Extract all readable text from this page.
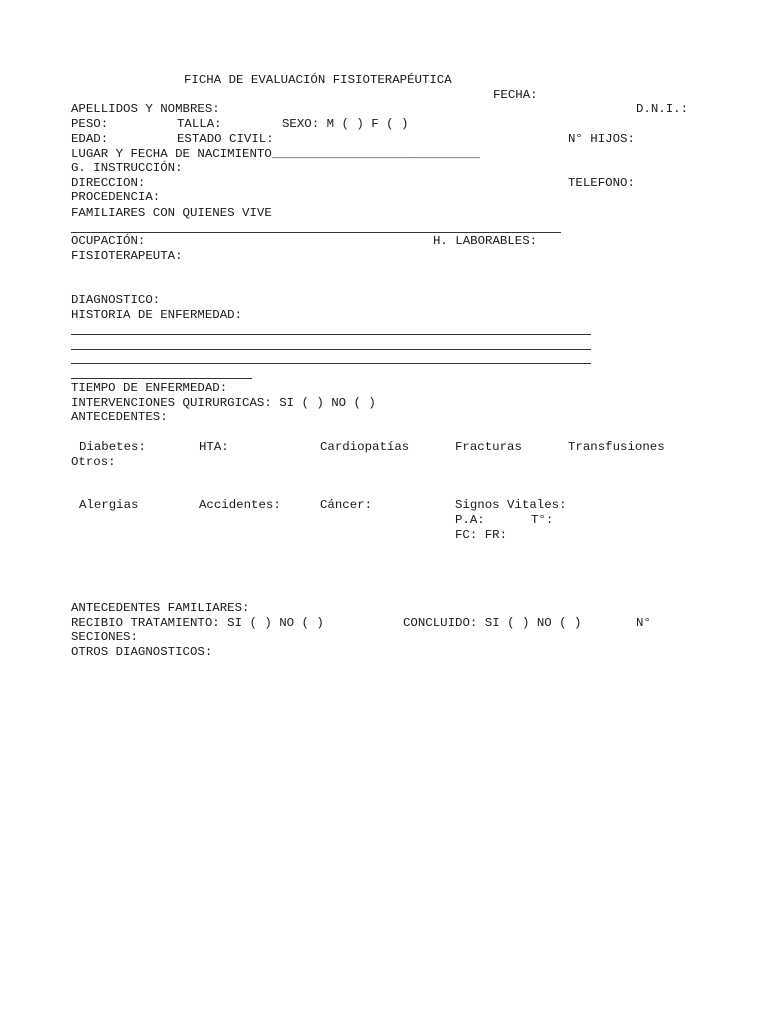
FICHA DE EVALUACIÓN FISIOTERAPÉUTICA
FECHA:
APELLIDOS Y NOMBRES:	D.N.I.:
PESO:	TALLA:	SEXO: M ( ) F ( )
EDAD:	ESTADO CIVIL:	N° HIJOS:
LUGAR Y FECHA DE NACIMIENTO____________________________
G. INSTRUCCIÓN:
DIRECCION:	TELEFONO:
PROCEDENCIA:
FAMILIARES CON QUIENES VIVE
OCUPACIÓN:	H. LABORABLES:
FISIOTERAPEUTA:
DIAGNOSTICO:
HISTORIA DE ENFERMEDAD:
TIEMPO DE ENFERMEDAD:
INTERVENCIONES QUIRURGICAS: SI ( ) NO ( )
ANTECEDENTES:
Diabetes:	HTA:	Cardiopatías	Fracturas	Transfusiones
Otros:
Alergias	Accidentes:	Cáncer:	Signos Vitales:
P.A:	T°:
FC: FR:
ANTECEDENTES FAMILIARES:
RECIBIO TRATAMIENTO: SI ( ) NO ( )	CONCLUIDO: SI ( ) NO ( )	N°
SECIONES:
OTROS DIAGNOSTICOS:
